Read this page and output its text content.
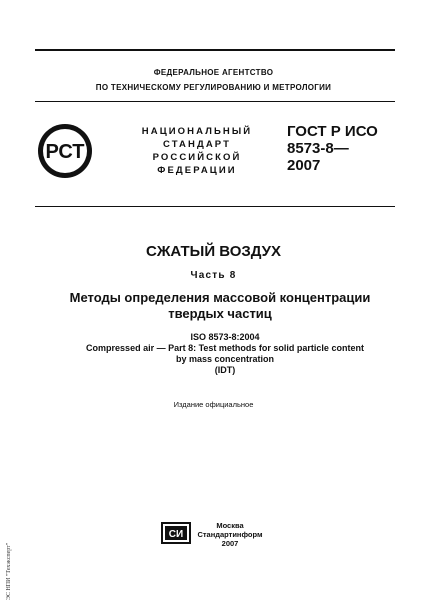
ФЕДЕРАЛЬНОЕ АГЕНТСТВО
ПО ТЕХНИЧЕСКОМУ РЕГУЛИРОВАНИЮ И МЕТРОЛОГИИ
РСТ
НАЦИОНАЛЬНЫЙ
СТАНДАРТ
РОССИЙСКОЙ
ФЕДЕРАЦИИ
ГОСТ Р ИСО
8573-8—
2007
СЖАТЫЙ ВОЗДУХ
Часть 8
Методы определения массовой концентрации
твердых частиц
ISO 8573-8:2004
Compressed air — Part 8: Test methods for solid particle content
by mass concentration
(IDT)
Издание официальное
СИ
Москва
Стандартинформ
2007
ЭС НПИ "Техэксперт"
